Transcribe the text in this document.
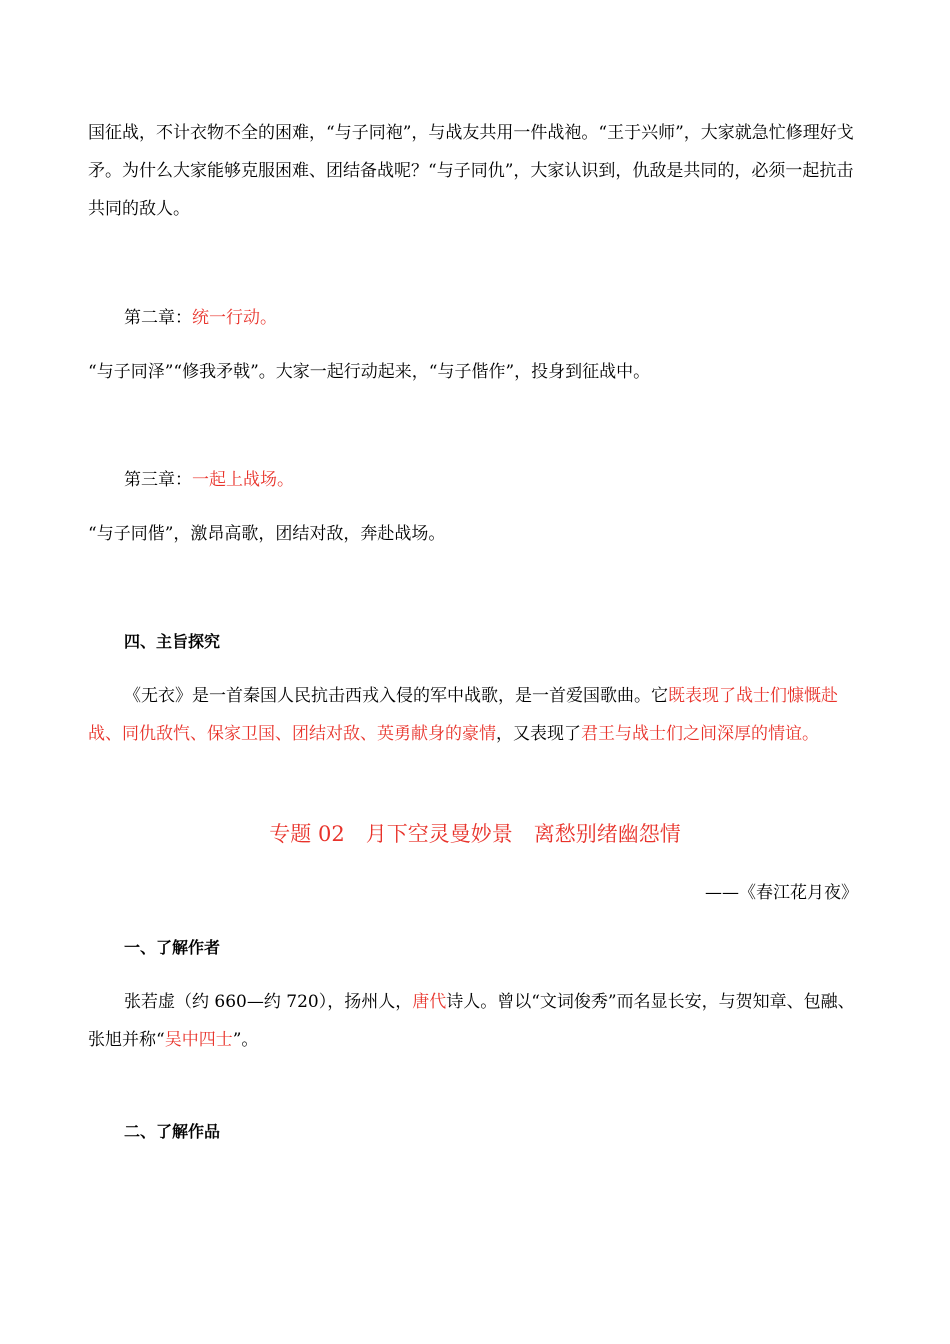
国征战，不计衣物不全的困难，“与子同袍”，与战友共用一件战袍。“王于兴师”，大家就急忙修理好戈矛。为什么大家能够克服困难、团结备战呢？“与子同仇”，大家认识到，仇敌是共同的，必须一起抗击共同的敌人。

第二章：统一行动。

“与子同泽”“修我矛戟”。大家一起行动起来，“与子偕作”，投身到征战中。

第三章：一起上战场。

“与子同偕”，激昂高歌，团结对敌，奔赴战场。

四、主旨探究

《无衣》是一首秦国人民抗击西戎入侵的军中战歌，是一首爱国歌曲。它既表现了战士们慷慨赴战、同仇敌忾、保家卫国、团结对敌、英勇献身的豪情，又表现了君王与战士们之间深厚的情谊。

专题 02　月下空灵曼妙景　离愁别绪幽怨情

——《春江花月夜》

一、了解作者

张若虚（约 660—约 720），扬州人，唐代诗人。曾以“文词俊秀”而名显长安，与贺知章、包融、张旭并称“吴中四士”。

二、了解作品
